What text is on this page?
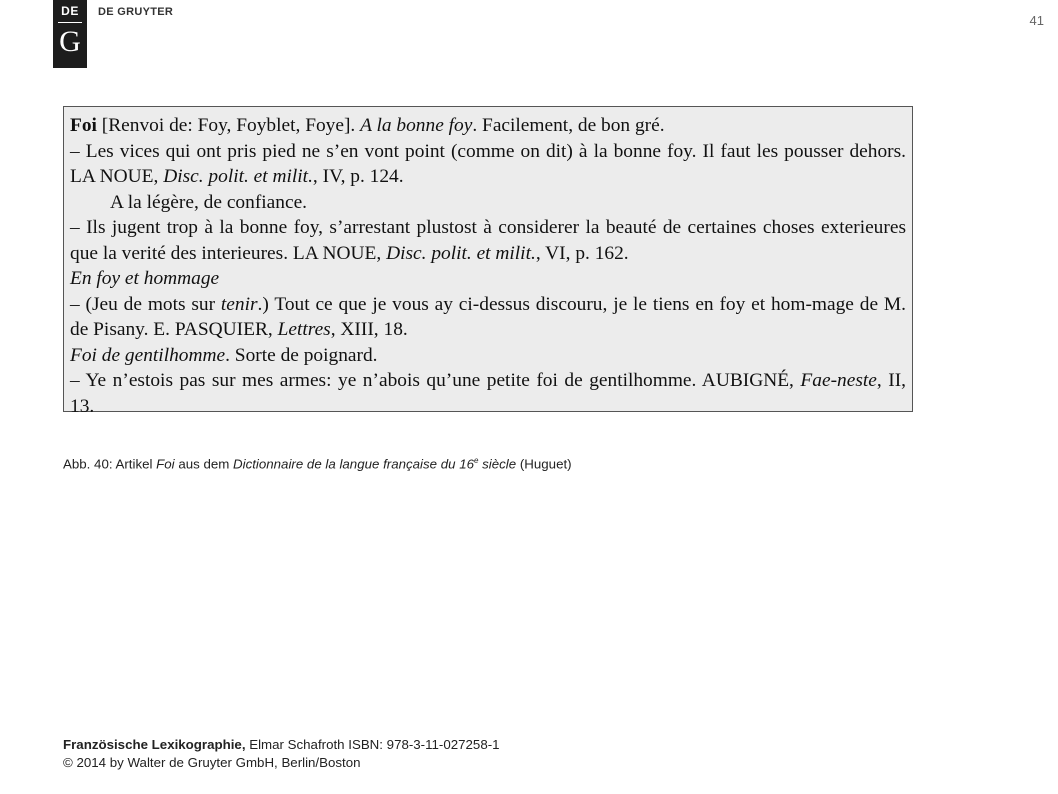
DE
G
DE GRUYTER
41

Foi [Renvoi de: Foy, Foyblet, Foye]. A la bonne foy. Facilement, de bon gré.

– Les vices qui ont pris pied ne s’en vont point (comme on dit) à la bonne foy. Il faut les pousser dehors. LA NOUE, Disc. polit. et milit., IV, p. 124.

A la légère, de confiance.

– Ils jugent trop à la bonne foy, s’arrestant plustost à considerer la beauté de certaines choses exterieures que la verité des interieures. LA NOUE, Disc. polit. et milit., VI, p. 162.

En foy et hommage

– (Jeu de mots sur tenir.) Tout ce que je vous ay ci-dessus discouru, je le tiens en foy et hom-mage de M. de Pisany. E. PASQUIER, Lettres, XIII, 18.

Foi de gentilhomme. Sorte de poignard.

– Ye n’estois pas sur mes armes: ye n’abois qu’une petite foi de gentilhomme. AUBIGNÉ, Fae-neste, II, 13.

Abb. 40: Artikel Foi aus dem Dictionnaire de la langue française du 16e siècle (Huguet)
Französische Lexikographie, Elmar Schafroth ISBN: 978-3-11-027258-1
© 2014 by Walter de Gruyter GmbH, Berlin/Boston
